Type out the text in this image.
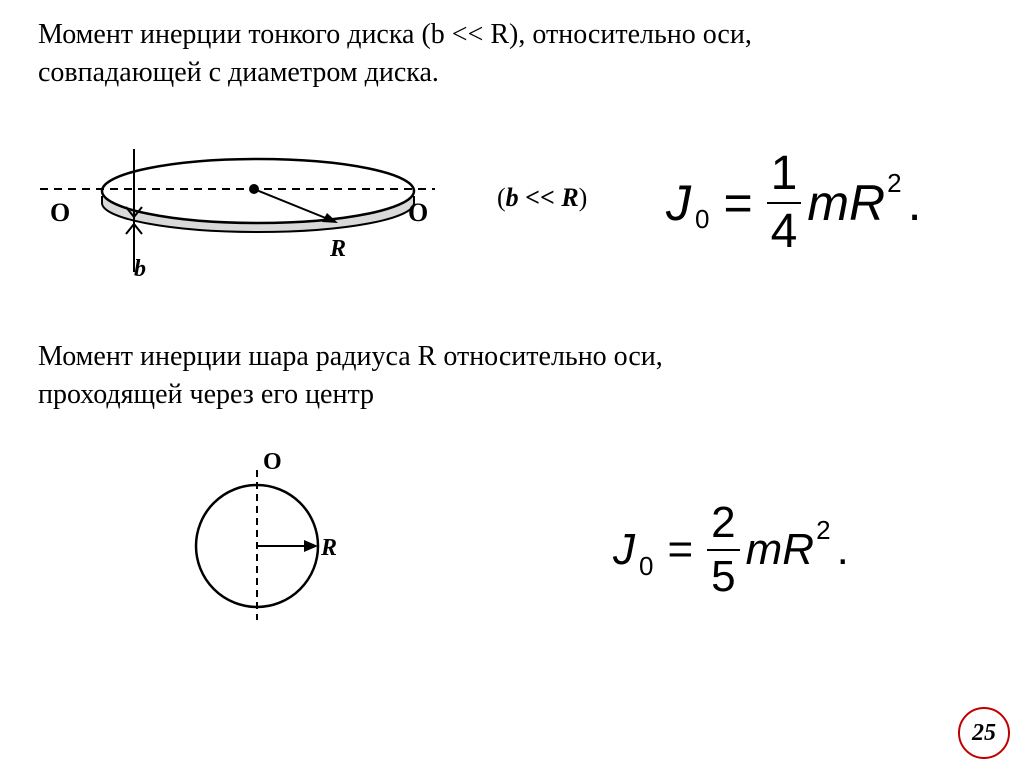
Момент инерции тонкого диска (b << R), относительно оси,
совпадающей с диаметром диска.

O	O
R
b
O
R
(b << R) J $0 = \frac{1}{4}$ mR 2 .

Момент инерции шара радиуса R относительно оси,
проходящей через его центр

J $0 = \frac{2}{5}$ mR 2 .
25
